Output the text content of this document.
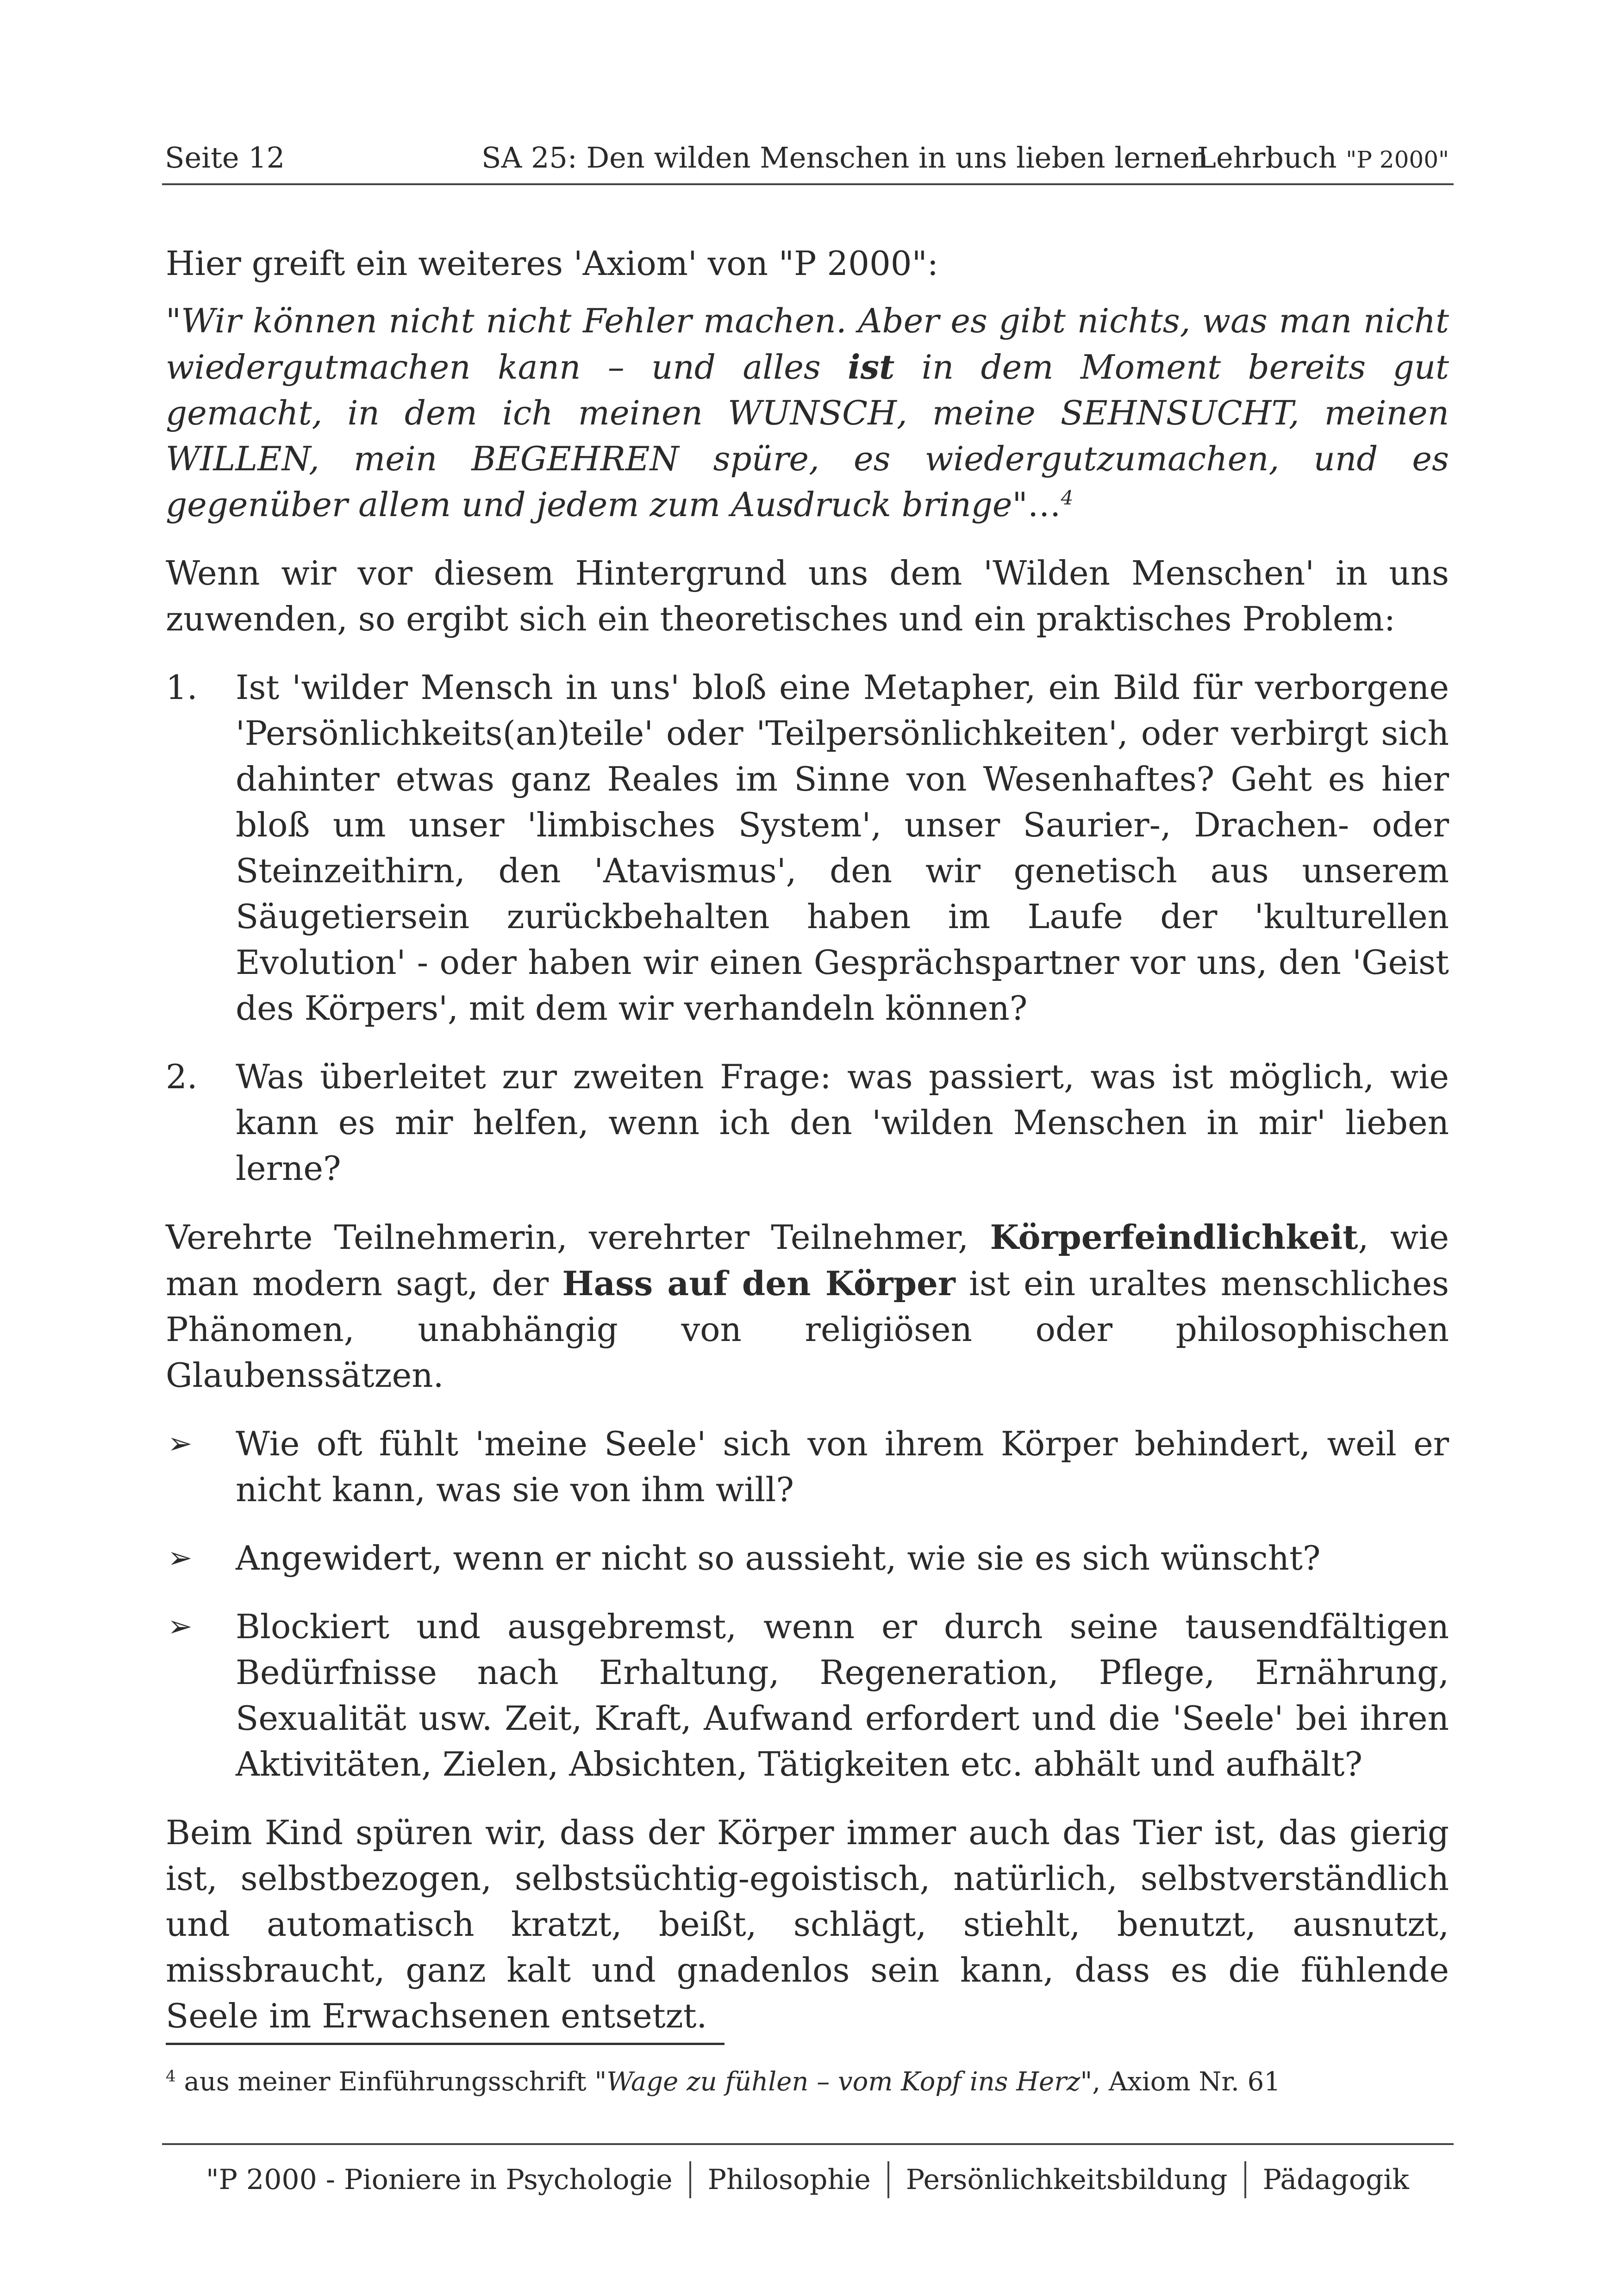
Seite 12	SA 25: Den wilden Menschen in uns lieben lernen
Lehrbuch "P 2000"

Hier greift ein weiteres 'Axiom' von "P 2000":

"Wir können nicht nicht Fehler machen. Aber es gibt nichts, was man nicht wiedergutmachen kann – und alles ist in dem Moment bereits gut gemacht, in dem ich meinen WUNSCH, meine SEHNSUCHT, meinen WILLEN, mein BEGEHREN spüre, es wiedergutzumachen, und es gegenüber allem und jedem zum Ausdruck bringe"…$^4$

Wenn wir vor diesem Hintergrund uns dem 'Wilden Menschen' in uns zuwenden, so ergibt sich ein theoretisches und ein praktisches Problem:

1. Ist 'wilder Mensch in uns' bloß eine Metapher, ein Bild für verborgene 'Persönlichkeits(an)teile' oder 'Teilpersönlichkeiten', oder verbirgt sich dahinter etwas ganz Reales im Sinne von Wesenhaftes? Geht es hier bloß um unser 'limbisches System', unser Saurier-, Drachen- oder Steinzeithirn, den 'Atavismus', den wir genetisch aus unserem Säugetiersein zurückbehalten haben im Laufe der 'kulturellen Evolution' - oder haben wir einen Gesprächspartner vor uns, den 'Geist des Körpers', mit dem wir verhandeln können?
2. Was überleitet zur zweiten Frage: was passiert, was ist möglich, wie kann es mir helfen, wenn ich den 'wilden Menschen in mir' lieben lerne?

Verehrte Teilnehmerin, verehrter Teilnehmer, Körperfeindlichkeit, wie man modern sagt, der Hass auf den Körper ist ein uraltes menschliches Phänomen, unabhängig von religiösen oder philosophischen Glaubenssätzen.

➢ Wie oft fühlt 'meine Seele' sich von ihrem Körper behindert, weil er nicht kann, was sie von ihm will?
➢ Angewidert, wenn er nicht so aussieht, wie sie es sich wünscht?
➢ Blockiert und ausgebremst, wenn er durch seine tausendfältigen Bedürfnisse nach Erhaltung, Regeneration, Pflege, Ernährung, Sexualität usw. Zeit, Kraft, Aufwand erfordert und die 'Seele' bei ihren Aktivitäten, Zielen, Absichten, Tätigkeiten etc. abhält und aufhält?

Beim Kind spüren wir, dass der Körper immer auch das Tier ist, das gierig ist, selbstbezogen, selbstsüchtig-egoistisch, natürlich, selbstverständlich und automatisch kratzt, beißt, schlägt, stiehlt, benutzt, ausnutzt, missbraucht, ganz kalt und gnadenlos sein kann, dass es die fühlende Seele im Erwachsenen entsetzt.

$^4$ aus meiner Einführungsschrift "Wage zu fühlen – vom Kopf ins Herz", Axiom Nr. 61
"P 2000 - Pioniere in Psychologie Philosophie Persönlichkeitsbildung Pädagogik
